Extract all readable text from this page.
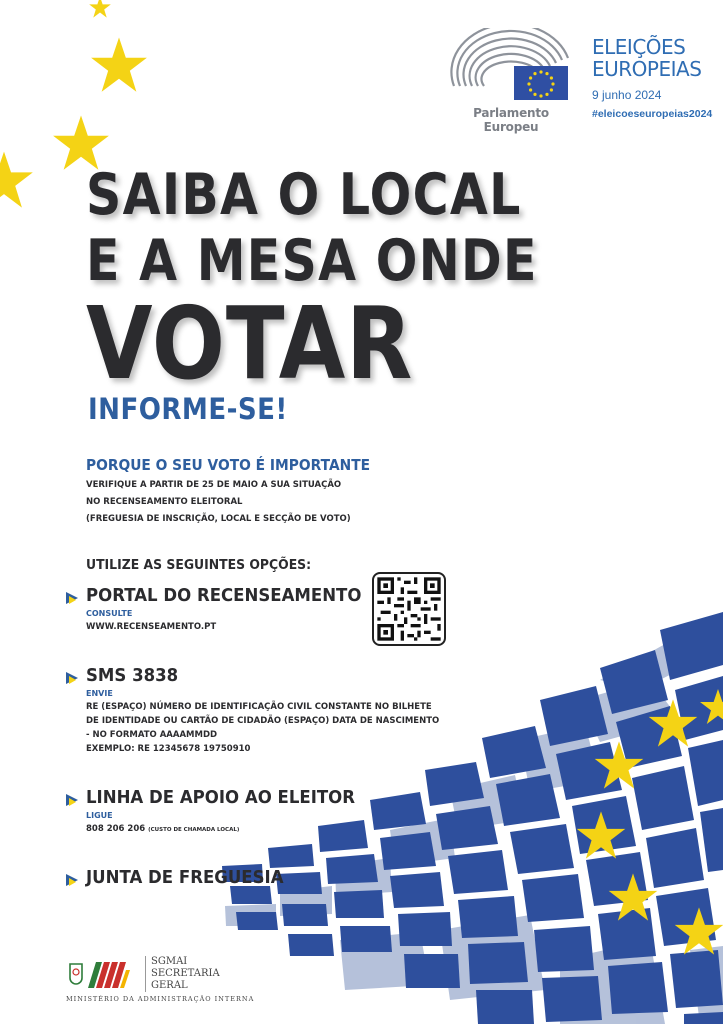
Parlamento Europeu
ELEIÇÕES
EUROPEIAS
9 junho 2024
#eleicoeseuropeias2024
SAIBA O LOCAL
E A MESA ONDE
VOTAR
INFORME-SE!
PORQUE O SEU VOTO É IMPORTANTE
VERIFIQUE A PARTIR DE 25 DE MAIO A SUA SITUAÇÃO
NO RECENSEAMENTO ELEITORAL
(FREGUESIA DE INSCRIÇÃO, LOCAL E SECÇÃO DE VOTO)
UTILIZE AS SEGUINTES OPÇÕES:
PORTAL DO RECENSEAMENTO
CONSULTE
WWW.RECENSEAMENTO.PT
SMS 3838
ENVIE
RE (ESPAÇO) NÚMERO DE IDENTIFICAÇÃO CIVIL CONSTANTE NO BILHETE
DE IDENTIDADE OU CARTÃO DE CIDADÃO (ESPAÇO) DATA DE NASCIMENTO
- NO FORMATO AAAAMMDD
EXEMPLO: RE 12345678 19750910
LINHA DE APOIO AO ELEITOR
LIGUE
808 206 206 (CUSTO DE CHAMADA LOCAL)
JUNTA DE FREGUESIA
SGMAI
SECRETARIA
GERAL
MINISTÉRIO DA ADMINISTRAÇÃO INTERNA
